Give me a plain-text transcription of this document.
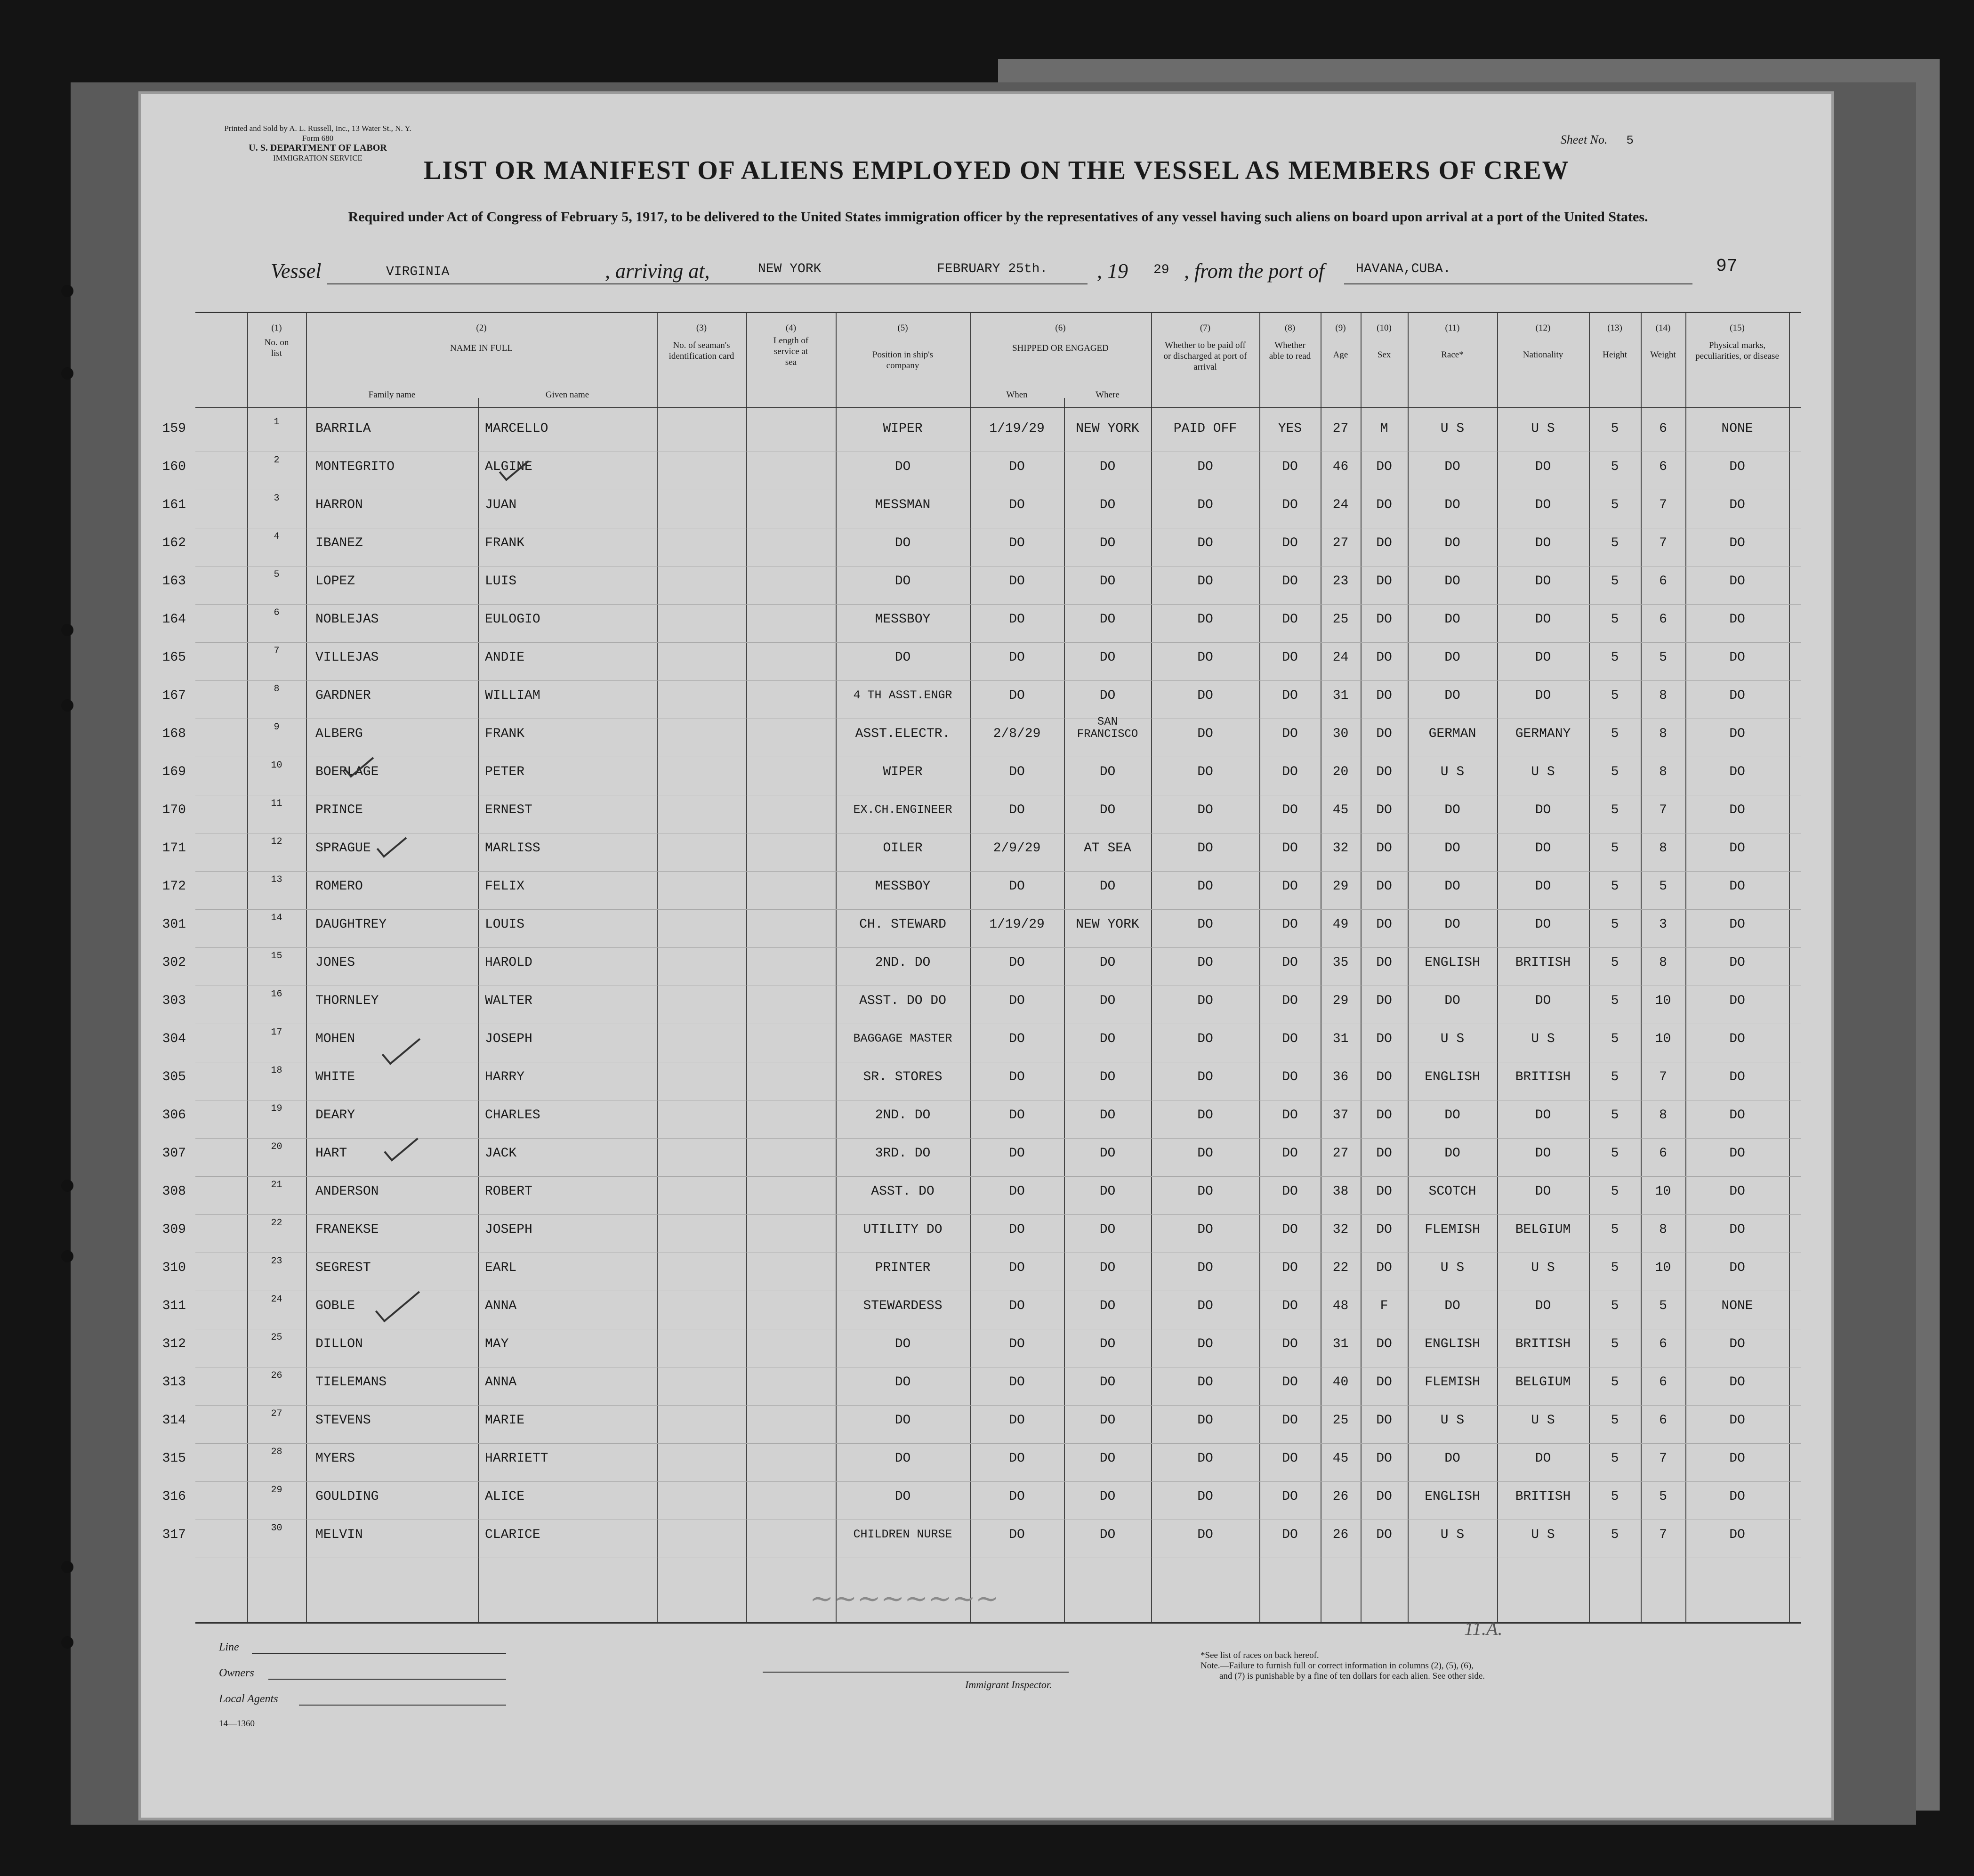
Printed and Sold by A. L. Russell, Inc., 13 Water St., N. Y.
Form 680
U. S. DEPARTMENT OF LABOR
IMMIGRATION SERVICE
Sheet No. 5
LIST OR MANIFEST OF ALIENS EMPLOYED ON THE VESSEL AS MEMBERS OF CREW
Required under Act of Congress of February 5, 1917, to be delivered to the United States immigration officer by the representatives of any vessel having such aliens on board upon arrival at a port of the United States.
Vessel	VIRGINIA	, arriving at,	NEW YORK	FEBRUARY 25th. , 19 29 , from the port of HAVANA,CUBA.	97
(1)
No. on list
(2)
NAME IN FULL
Family name	Given name
(3)
No. of seaman's identification card
(4)
Length of service at sea
(5)
Position in ship's company
(6)
SHIPPED OR ENGAGED
When	Where
(7)
Whether to be paid off or discharged at port of arrival
(8)
Whether able to read
(9)
Age
(10)
Sex
(11)
Race*
(12)
Nationality
(13)
Height
(14)
Weight
(15)
Physical marks, peculiarities, or disease
159	1	BARRILA	MARCELLO	WIPER	1/19/29	NEW YORK	PAID OFF	YES	27	M	U S	U S	5	6	NONE
160	2	MONTEGRITO	ALGINE	DO	DO	DO	DO	DO	46	DO	DO	DO	5	6	DO
161	3	HARRON	JUAN	MESSMAN	DO	DO	DO	DO	24	DO	DO	DO	5	7	DO
162	4	IBANEZ	FRANK	DO	DO	DO	DO	DO	27	DO	DO	DO	5	7	DO
163	5	LOPEZ	LUIS	DO	DO	DO	DO	DO	23	DO	DO	DO	5	6	DO
164	6	NOBLEJAS	EULOGIO	MESSBOY	DO	DO	DO	DO	25	DO	DO	DO	5	6	DO
165	7	VILLEJAS	ANDIE	DO	DO	DO	DO	DO	24	DO	DO	DO	5	5	DO
167	8	GARDNER	WILLIAM	4 TH ASST.ENGR	DO	DO	DO	DO	31	DO	DO	DO	5	8	DO
168	9	ALBERG	FRANK	ASST.ELECTR.	2/8/29
SAN FRANCISCO	DO	DO	30	DO	GERMAN	GERMANY	5	8	DO
169	10	BOERLAGE	PETER	WIPER	DO	DO	DO	DO	20	DO	U S	U S	5	8	DO
170	11	PRINCE	ERNEST	EX.CH.ENGINEER	DO	DO	DO	DO	45	DO	DO	DO	5	7	DO
171	12	SPRAGUE	MARLISS	OILER	2/9/29	AT SEA	DO	DO	32	DO	DO	DO	5	8	DO
172	13	ROMERO	FELIX	MESSBOY	DO	DO	DO	DO	29	DO	DO	DO	5	5	DO
301	14	DAUGHTREY	LOUIS	CH. STEWARD	1/19/29	NEW YORK	DO	DO	49	DO	DO	DO	5	3	DO
302	15	JONES	HAROLD	2ND. DO	DO	DO	DO	DO	35	DO	ENGLISH	BRITISH	5	8	DO
303	16	THORNLEY	WALTER	ASST. DO DO	DO	DO	DO	DO	29	DO	DO	DO	5	10	DO
304	17	MOHEN	JOSEPH	BAGGAGE MASTER	DO	DO	DO	DO	31	DO	U S	U S	5	10	DO
305	18	WHITE	HARRY	SR. STORES	DO	DO	DO	DO	36	DO	ENGLISH	BRITISH	5	7	DO
306	19	DEARY	CHARLES	2ND. DO	DO	DO	DO	DO	37	DO	DO	DO	5	8	DO
307	20	HART	JACK	3RD. DO	DO	DO	DO	DO	27	DO	DO	DO	5	6	DO
308	21	ANDERSON	ROBERT	ASST. DO	DO	DO	DO	DO	38	DO	SCOTCH	DO	5	10	DO
309	22	FRANEKSE	JOSEPH	UTILITY DO	DO	DO	DO	DO	32	DO	FLEMISH	BELGIUM	5	8	DO
310	23	SEGREST	EARL	PRINTER	DO	DO	DO	DO	22	DO	U S	U S	5	10	DO
311	24	GOBLE	ANNA	STEWARDESS	DO	DO	DO	DO	48	F	DO	DO	5	5	NONE
312	25	DILLON	MAY	DO	DO	DO	DO	DO	31	DO	ENGLISH	BRITISH	5	6	DO
313	26	TIELEMANS	ANNA	DO	DO	DO	DO	DO	40	DO	FLEMISH	BELGIUM	5	6	DO
314	27	STEVENS	MARIE	DO	DO	DO	DO	DO	25	DO	U S	U S	5	6	DO
315	28	MYERS	HARRIETT	DO	DO	DO	DO	DO	45	DO	DO	DO	5	7	DO
316	29	GOULDING	ALICE	DO	DO	DO	DO	DO	26	DO	ENGLISH	BRITISH	5	5	DO
317	30	MELVIN	CLARICE	CHILDREN NURSE	DO	DO	DO	DO	26	DO	U S	U S	5	7	DO
Line
Owners
Local Agents
14—1360
Immigrant Inspector.
~~~~~~~~
11.A.
*See list of races on back hereof.
Note.—Failure to furnish full or correct information in columns (2), (5), (6),
and (7) is punishable by a fine of ten dollars for each alien. See other side.
